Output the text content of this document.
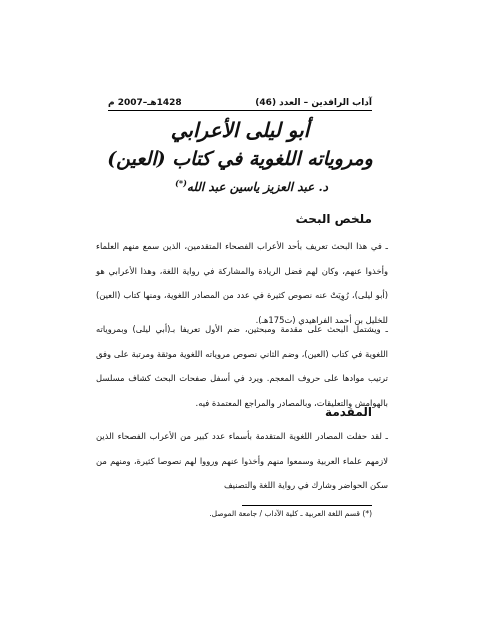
آداب الرافدين – العدد (46)
1428هـ–2007 م
أبو ليلى الأعرابي
ومروياته اللغوية في كتاب (العين)
د. عبد العزيز ياسين عبد الله(*)
ملخص البحث
ـ في هذا البحث تعريف بأحد الأعراب الفصحاء المتقدمين، الذين سمع منهم العلماء وأخذوا عنهم، وكان لهم فضل الريادة والمشاركة في رواية اللغة، وهذا الأعرابي هو (أبو ليلى)، رُوِيَتْ عنه نصوص كثيرة في عدد من المصادر اللغوية، ومنها كتاب (العين) للخليل بن أحمد الفراهيدي (ت175هـ).
ـ ويشتمل البحث على مقدمة ومبحثين، ضم الأول تعريفا بـ(أبي ليلى) وبمروياته اللغوية في كتاب (العين)، وضم الثاني نصوص مروياته اللغوية موثقة ومرتبة على وفق ترتيب موادها على حروف المعجم. ويرد في أسفل صفحات البحث كشاف مسلسل بالهوامش والتعليقات، وبالمصادر والمراجع المعتمدة فيه.
المقدمة
ـ لقد حفلت المصادر اللغوية المتقدمة بأسماء عدد كبير من الأعراب الفصحاء الذين لازمهم علماء العربية وسمعوا منهم وأخذوا عنهم ورووا لهم نصوصا كثيرة، ومنهم من سكن الحواضر وشارك في رواية اللغة والتصنيف
(*) قسم اللغة العربية ـ كلية الآداب / جامعة الموصل.
